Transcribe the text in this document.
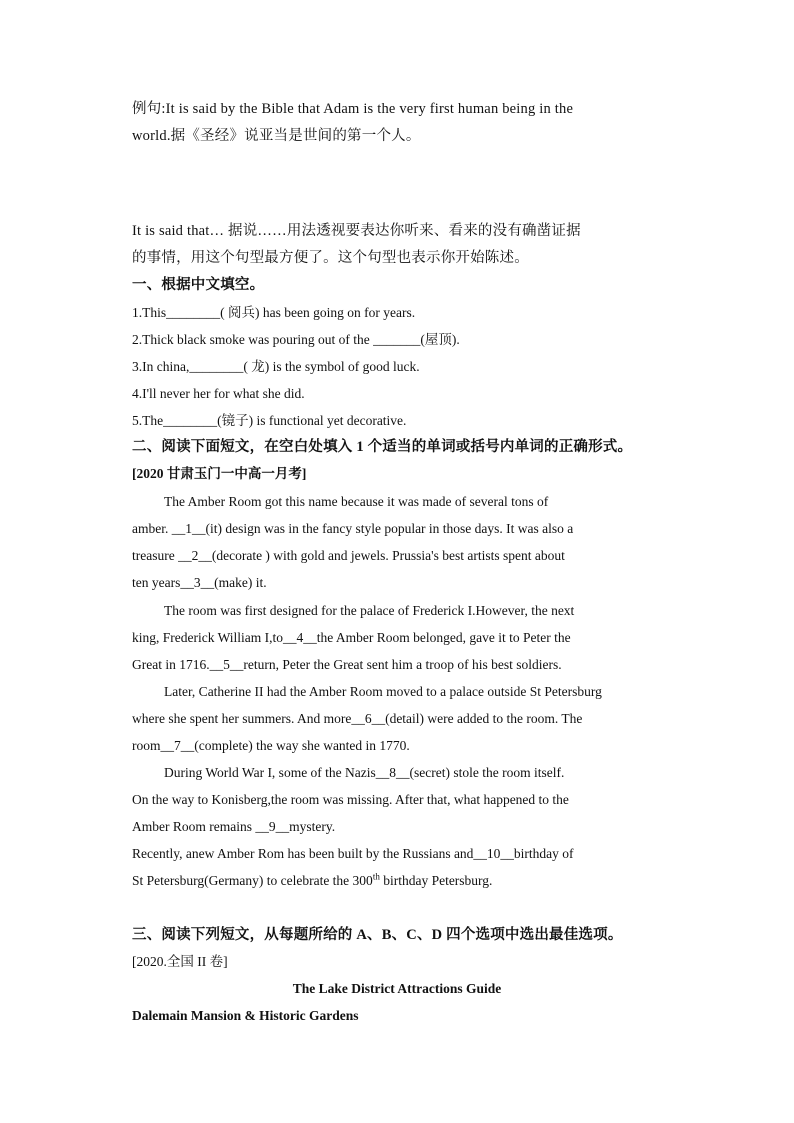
例句:It is said by the Bible that Adam is the very first human being in the
world.据《圣经》说亚当是世间的第一个人。
It is said that… 据说……用法透视要表达你听来、看来的没有确凿证据
的事情，用这个句型最方便了。这个句型也表示你开始陈述。
一、根据中文填空。
1.This________( 阅兵) has been going on for years.
2.Thick black smoke was pouring out of the _______(屋顶).
3.In china,________( 龙) is the symbol of good luck.
4.I'll never her for what she did.
5.The________(镜子) is functional yet decorative.
二、阅读下面短文，在空白处填入 1 个适当的单词或括号内单词的正确形式。
[2020 甘肃玉门一中高一月考]
The Amber Room got this name because it was made of several tons of
amber. __1__(it) design was in the fancy style popular in those days. It was also a
treasure __2__(decorate ) with gold and jewels. Prussia's best artists spent about
ten years__3__(make) it.
The room was first designed for the palace of Frederick I.However, the next
king, Frederick William I,to__4__the Amber Room belonged, gave it to Peter the
Great in 1716.__5__return, Peter the Great sent him a troop of his best soldiers.
Later, Catherine II had the Amber Room moved to a palace outside St Petersburg
where she spent her summers. And more__6__(detail) were added to the room. The
room__7__(complete) the way she wanted in 1770.
During World War I, some of the Nazis__8__(secret) stole the room itself.
On the way to Konisberg,the room was missing. After that, what happened to the
Amber Room remains __9__mystery.
Recently, anew Amber Rom has been built by the Russians and__10__birthday of
St Petersburg(Germany) to celebrate the 300th birthday Petersburg.
三、阅读下列短文，从每题所给的 A、B、C、D 四个选项中选出最佳选项。
[2020.全国 II 卷]
The Lake District Attractions Guide
Dalemain Mansion & Historic Gardens
